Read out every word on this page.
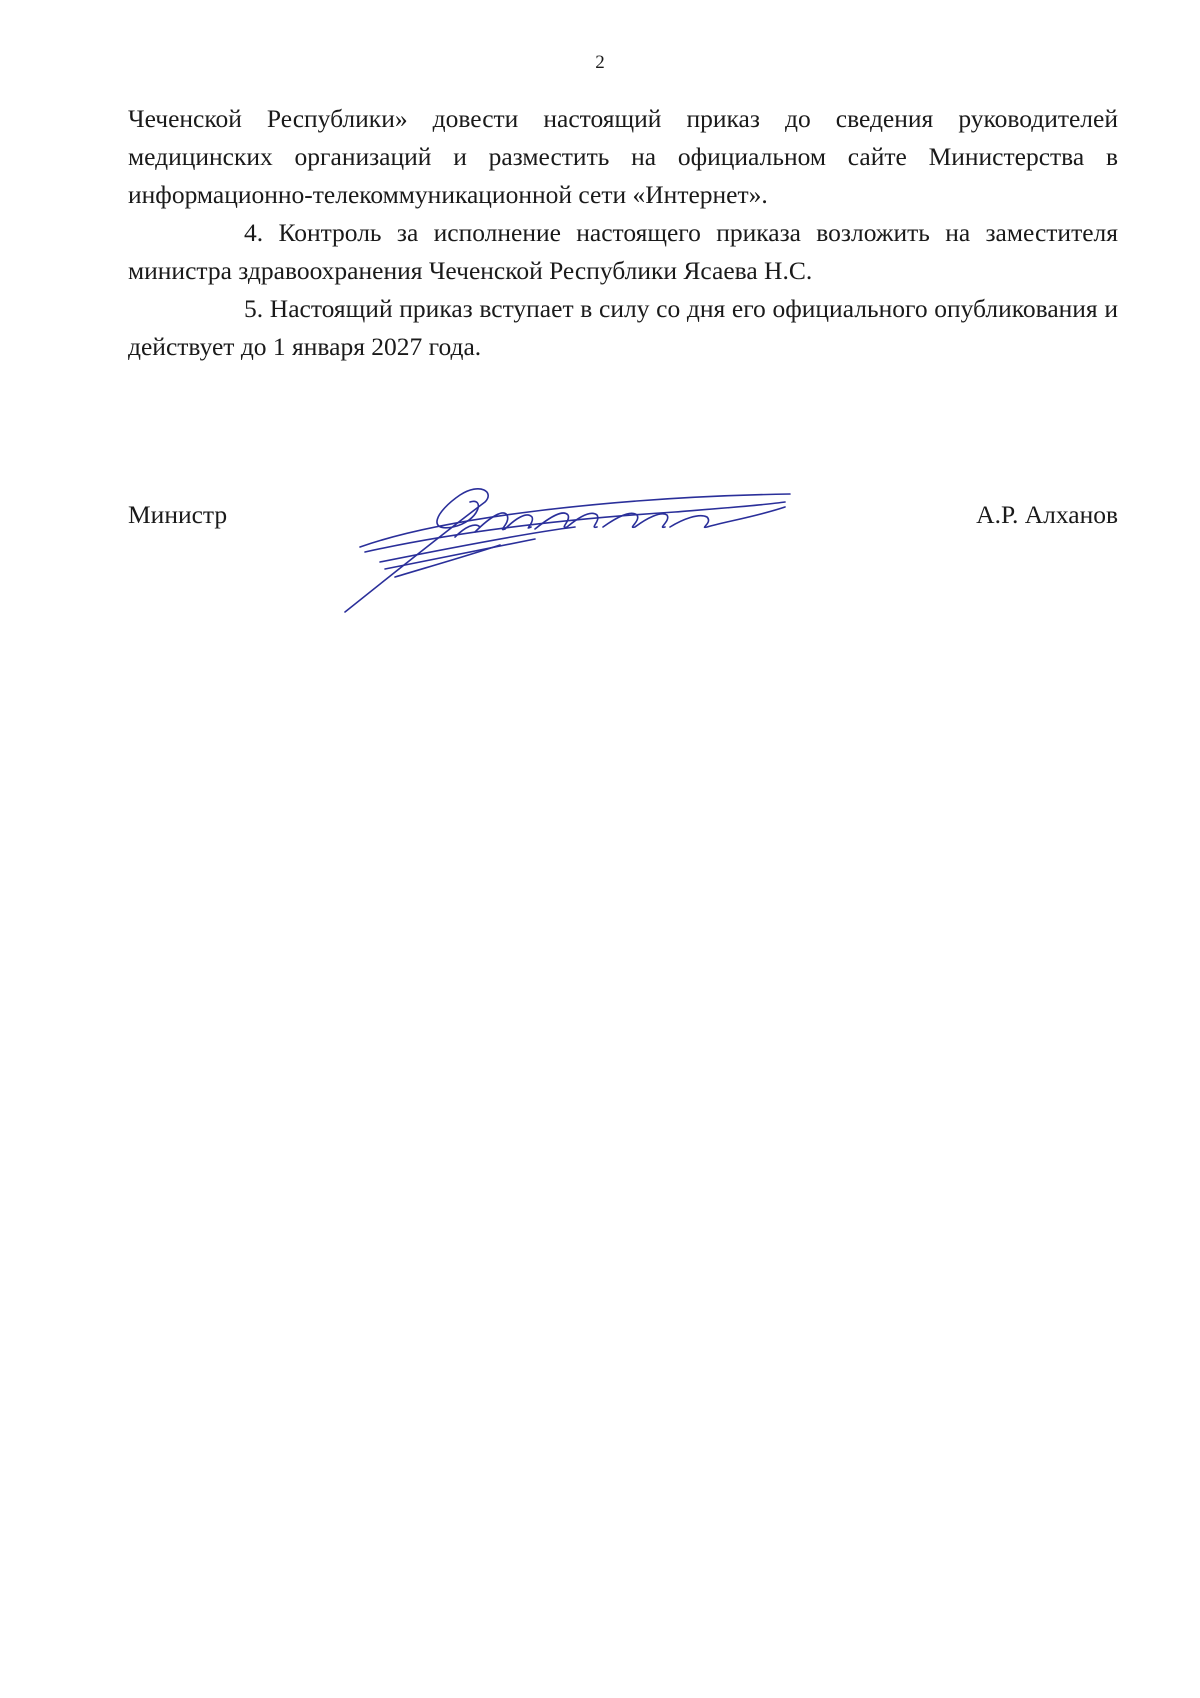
2

Чеченской Республики» довести настоящий приказ до сведения руководителей медицинских организаций и разместить на официальном сайте Министерства в информационно-телекоммуникационной сети «Интернет».

4. Контроль за исполнение настоящего приказа возложить на заместителя министра здравоохранения Чеченской Республики Ясаева Н.С.

5. Настоящий приказ вступает в силу со дня его официального опубликования и действует до 1 января 2027 года.

Министр	А.Р. Алханов
